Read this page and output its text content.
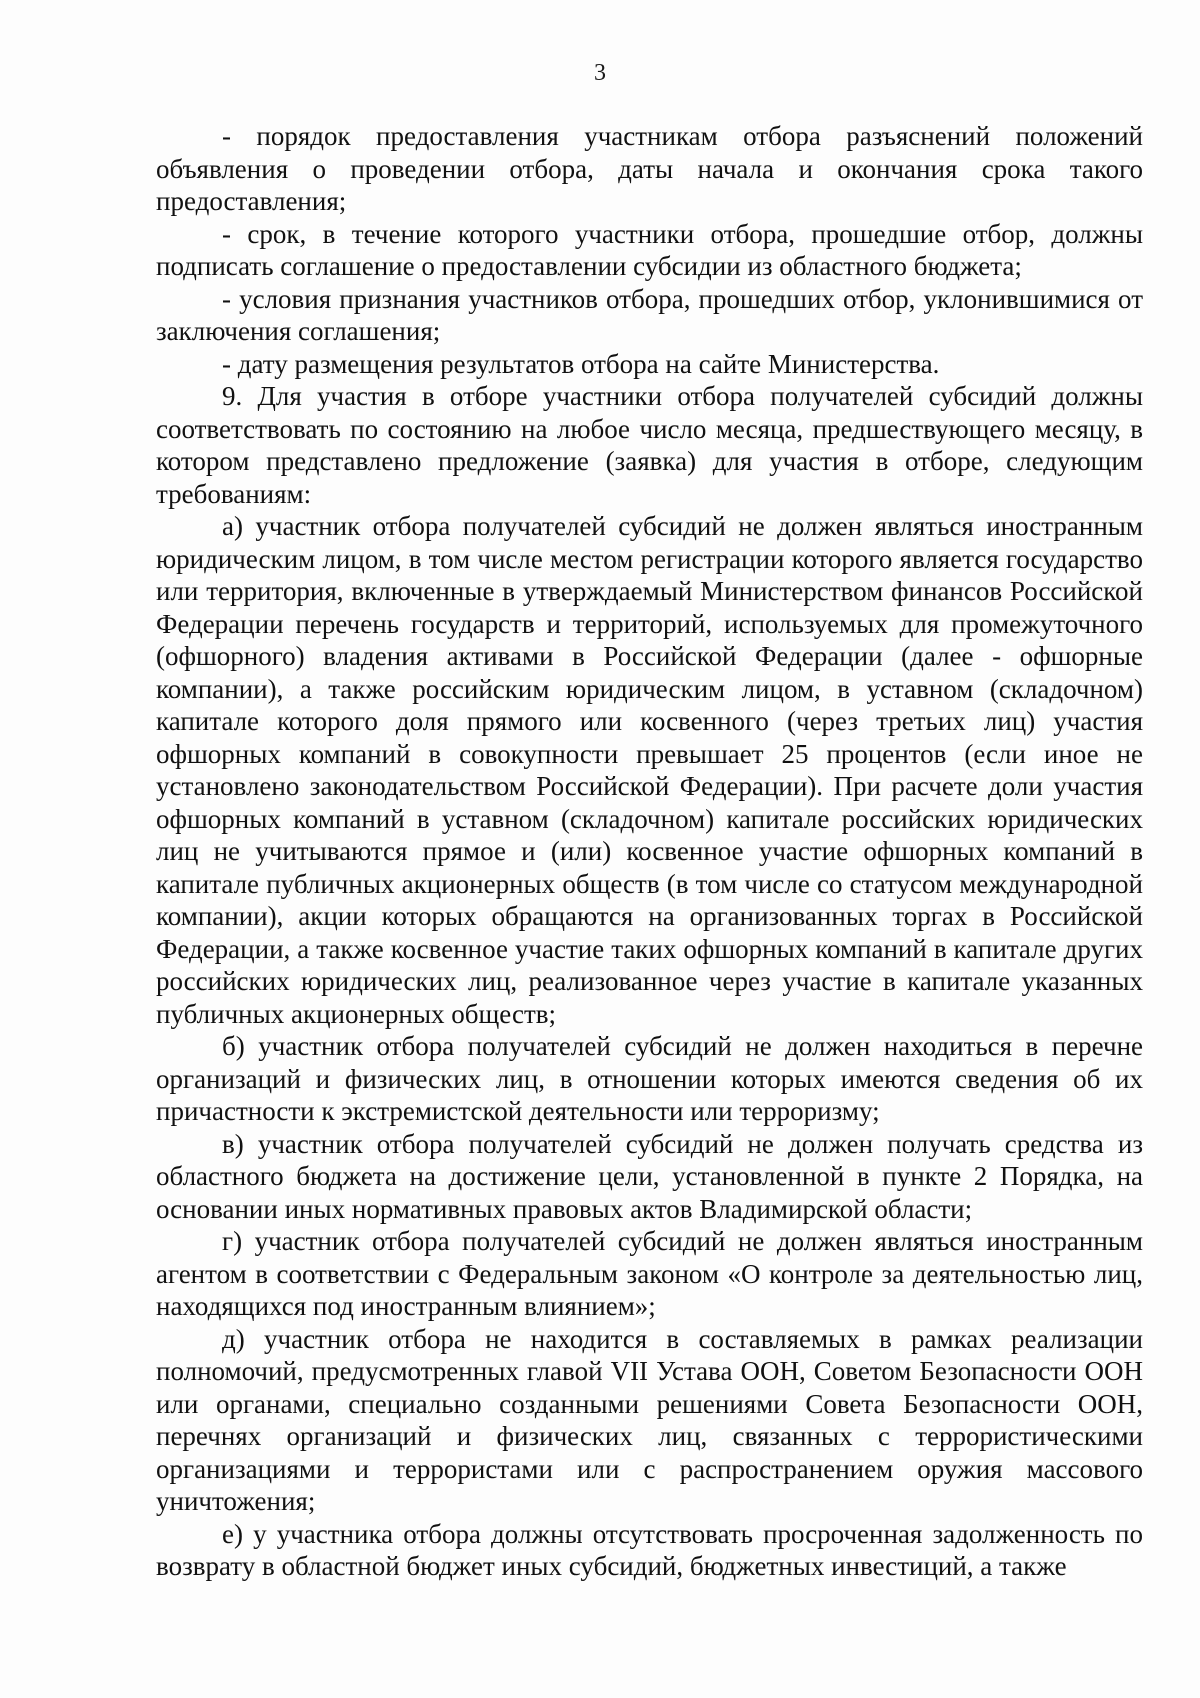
3

- порядок предоставления участникам отбора разъяснений положений объявления о проведении отбора, даты начала и окончания срока такого предоставления;

- срок, в течение которого участники отбора, прошедшие отбор, должны подписать соглашение о предоставлении субсидии из областного бюджета;

- условия признания участников отбора, прошедших отбор, уклонившимися от заключения соглашения;

- дату размещения результатов отбора на сайте Министерства.

9. Для участия в отборе участники отбора получателей субсидий должны соответствовать по состоянию на любое число месяца, предшествующего месяцу, в котором представлено предложение (заявка) для участия в отборе, следующим требованиям:

а) участник отбора получателей субсидий не должен являться иностранным юридическим лицом, в том числе местом регистрации которого является государство или территория, включенные в утверждаемый Министерством финансов Российской Федерации перечень государств и территорий, используемых для промежуточного (офшорного) владения активами в Российской Федерации (далее - офшорные компании), а также российским юридическим лицом, в уставном (складочном) капитале которого доля прямого или косвенного (через третьих лиц) участия офшорных компаний в совокупности превышает 25 процентов (если иное не установлено законодательством Российской Федерации). При расчете доли участия офшорных компаний в уставном (складочном) капитале российских юридических лиц не учитываются прямое и (или) косвенное участие офшорных компаний в капитале публичных акционерных обществ (в том числе со статусом международной компании), акции которых обращаются на организованных торгах в Российской Федерации, а также косвенное участие таких офшорных компаний в капитале других российских юридических лиц, реализованное через участие в капитале указанных публичных акционерных обществ;

б) участник отбора получателей субсидий не должен находиться в перечне организаций и физических лиц, в отношении которых имеются сведения об их причастности к экстремистской деятельности или терроризму;

в) участник отбора получателей субсидий не должен получать средства из областного бюджета на достижение цели, установленной в пункте 2 Порядка, на основании иных нормативных правовых актов Владимирской области;

г) участник отбора получателей субсидий не должен являться иностранным агентом в соответствии с Федеральным законом «О контроле за деятельностью лиц, находящихся под иностранным влиянием»;

д) участник отбора не находится в составляемых в рамках реализации полномочий, предусмотренных главой VII Устава ООН, Советом Безопасности ООН или органами, специально созданными решениями Совета Безопасности ООН, перечнях организаций и физических лиц, связанных с террористическими организациями и террористами или с распространением оружия массового уничтожения;

е) у участника отбора должны отсутствовать просроченная задолженность по возврату в областной бюджет иных субсидий, бюджетных инвестиций, а также
